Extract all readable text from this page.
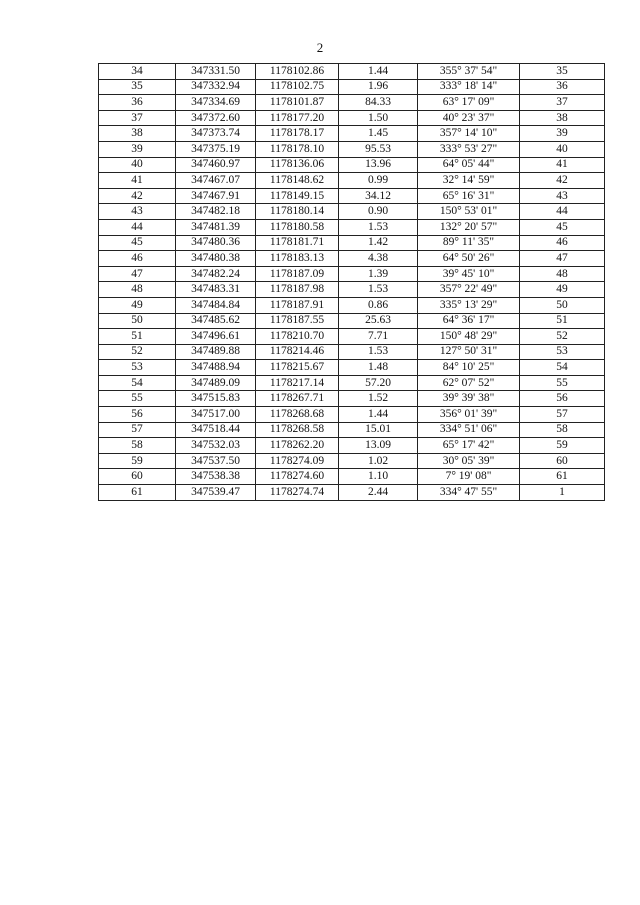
2
34	347331.50	1178102.86	1.44	355° 37' 54"	35
35	347332.94	1178102.75	1.96	333° 18' 14"	36
36	347334.69	1178101.87	84.33	63° 17' 09"	37
37	347372.60	1178177.20	1.50	40° 23' 37"	38
38	347373.74	1178178.17	1.45	357° 14' 10"	39
39	347375.19	1178178.10	95.53	333° 53' 27"	40
40	347460.97	1178136.06	13.96	64° 05' 44"	41
41	347467.07	1178148.62	0.99	32° 14' 59"	42
42	347467.91	1178149.15	34.12	65° 16' 31"	43
43	347482.18	1178180.14	0.90	150° 53' 01"	44
44	347481.39	1178180.58	1.53	132° 20' 57"	45
45	347480.36	1178181.71	1.42	89° 11' 35"	46
46	347480.38	1178183.13	4.38	64° 50' 26"	47
47	347482.24	1178187.09	1.39	39° 45' 10"	48
48	347483.31	1178187.98	1.53	357° 22' 49"	49
49	347484.84	1178187.91	0.86	335° 13' 29"	50
50	347485.62	1178187.55	25.63	64° 36' 17"	51
51	347496.61	1178210.70	7.71	150° 48' 29"	52
52	347489.88	1178214.46	1.53	127° 50' 31"	53
53	347488.94	1178215.67	1.48	84° 10' 25"	54
54	347489.09	1178217.14	57.20	62° 07' 52"	55
55	347515.83	1178267.71	1.52	39° 39' 38"	56
56	347517.00	1178268.68	1.44	356° 01' 39"	57
57	347518.44	1178268.58	15.01	334° 51' 06"	58
58	347532.03	1178262.20	13.09	65° 17' 42"	59
59	347537.50	1178274.09	1.02	30° 05' 39"	60
60	347538.38	1178274.60	1.10	7° 19' 08"	61
61	347539.47	1178274.74	2.44	334° 47' 55"	1
